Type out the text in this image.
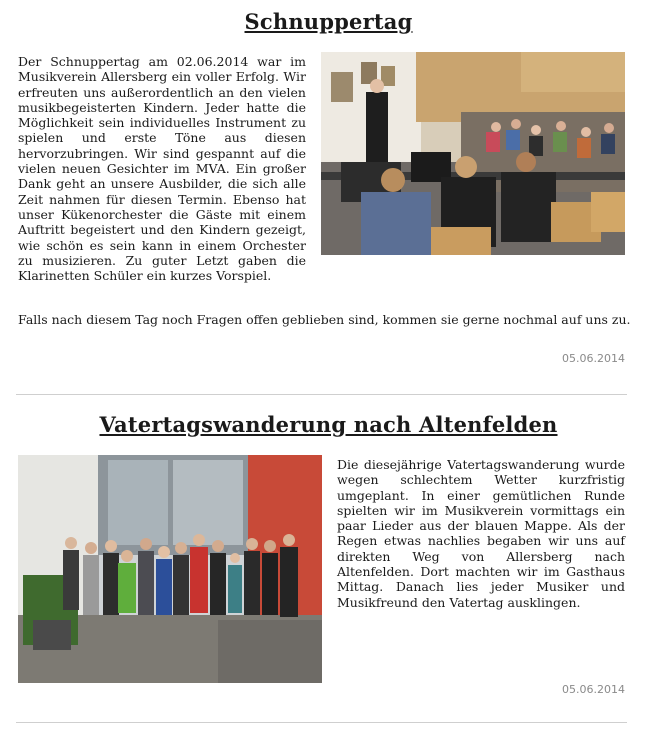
Schnuppertag

Der Schnuppertag am 02.06.2014 war im Musikverein Allersberg ein voller Erfolg. Wir erfreuten uns außerordentlich an den vielen musikbegeisterten Kindern. Jeder hatte die Möglichkeit sein individuelles Instrument zu spielen und erste Töne aus diesen hervorzubringen. Wir sind gespannt auf die vielen neuen Gesichter im MVA. Ein großer Dank geht an unsere Ausbilder, die sich alle Zeit nahmen für diesen Termin. Ebenso hat unser Kükenorchester die Gäste mit einem Auftritt begeistert und den Kindern gezeigt, wie schön es sein kann in einem Orchester zu musizieren. Zu guter Letzt gaben die Klarinetten Schüler ein kurzes Vorspiel.

Falls nach diesem Tag noch Fragen offen geblieben sind, kommen sie gerne nochmal auf uns zu.

05.06.2014
Vatertagswanderung nach Altenfelden

Die diesejährige Vatertagswanderung wurde wegen schlechtem Wetter kurzfristig umgeplant. In einer gemütlichen Runde spielten wir im Musikverein vormittags ein paar Lieder aus der blauen Mappe. Als der Regen etwas nachlies begaben wir uns auf direkten Weg von Allersberg nach Altenfelden. Dort machten wir im Gasthaus Mittag. Danach lies jeder Musiker und Musikfreund den Vatertag ausklingen.

05.06.2014
